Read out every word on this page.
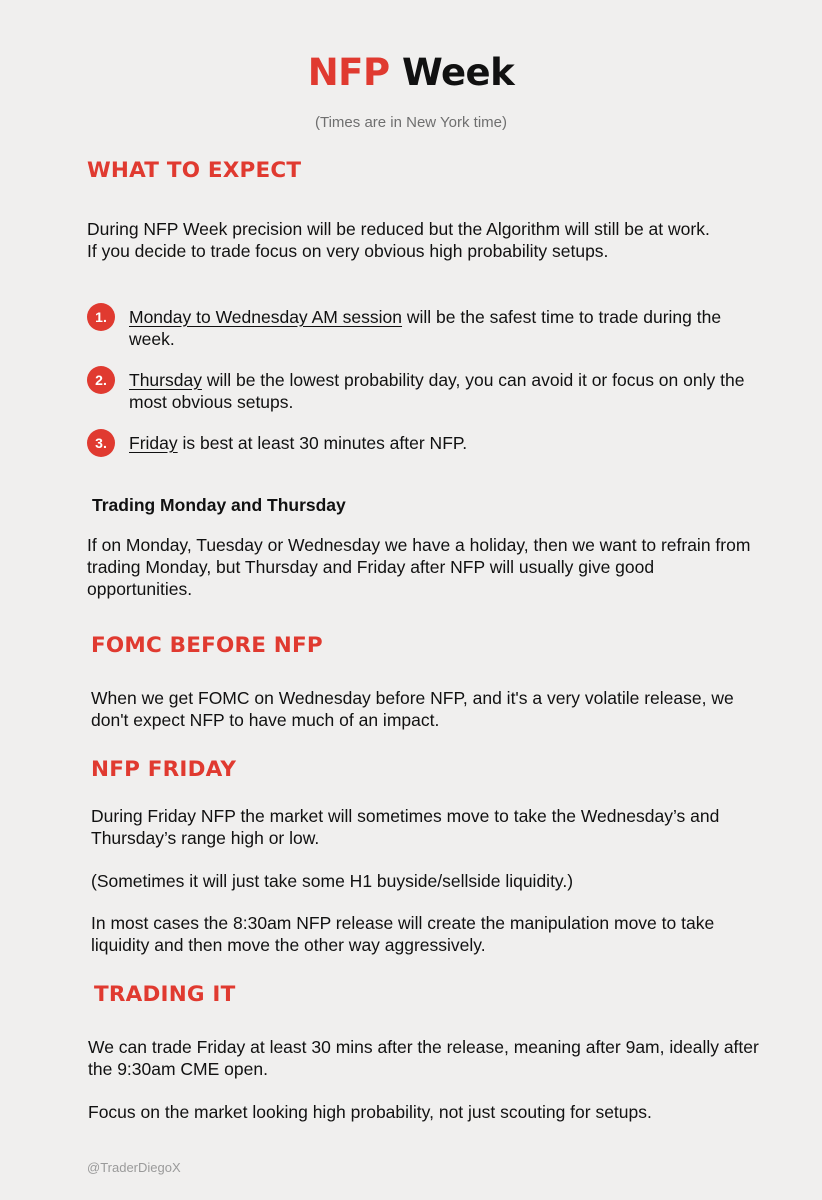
NFP Week
(Times are in New York time)
WHAT TO EXPECT

During NFP Week precision will be reduced but the Algorithm will still be at work.

If you decide to trade focus on very obvious high probability setups.

1.	Monday to Wednesday AM session will be the safest time to trade during the week.
2.	Thursday will be the lowest probability day, you can avoid it or focus on only the most obvious setups.
3.	Friday is best at least 30 minutes after NFP.
Trading Monday and Thursday
If on Monday, Tuesday or Wednesday we have a holiday, then we want to refrain from trading Monday, but Thursday and Friday after NFP will usually give good opportunities.
FOMC BEFORE NFP
When we get FOMC on Wednesday before NFP, and it's a very volatile release, we don't expect NFP to have much of an impact.
NFP FRIDAY
During Friday NFP the market will sometimes move to take the Wednesday’s and Thursday’s range high or low.
(Sometimes it will just take some H1 buyside/sellside liquidity.)
In most cases the 8:30am NFP release will create the manipulation move to take liquidity and then move the other way aggressively.
TRADING IT
We can trade Friday at least 30 mins after the release, meaning after 9am, ideally after the 9:30am CME open.
Focus on the market looking high probability, not just scouting for setups.
@TraderDiegoX
